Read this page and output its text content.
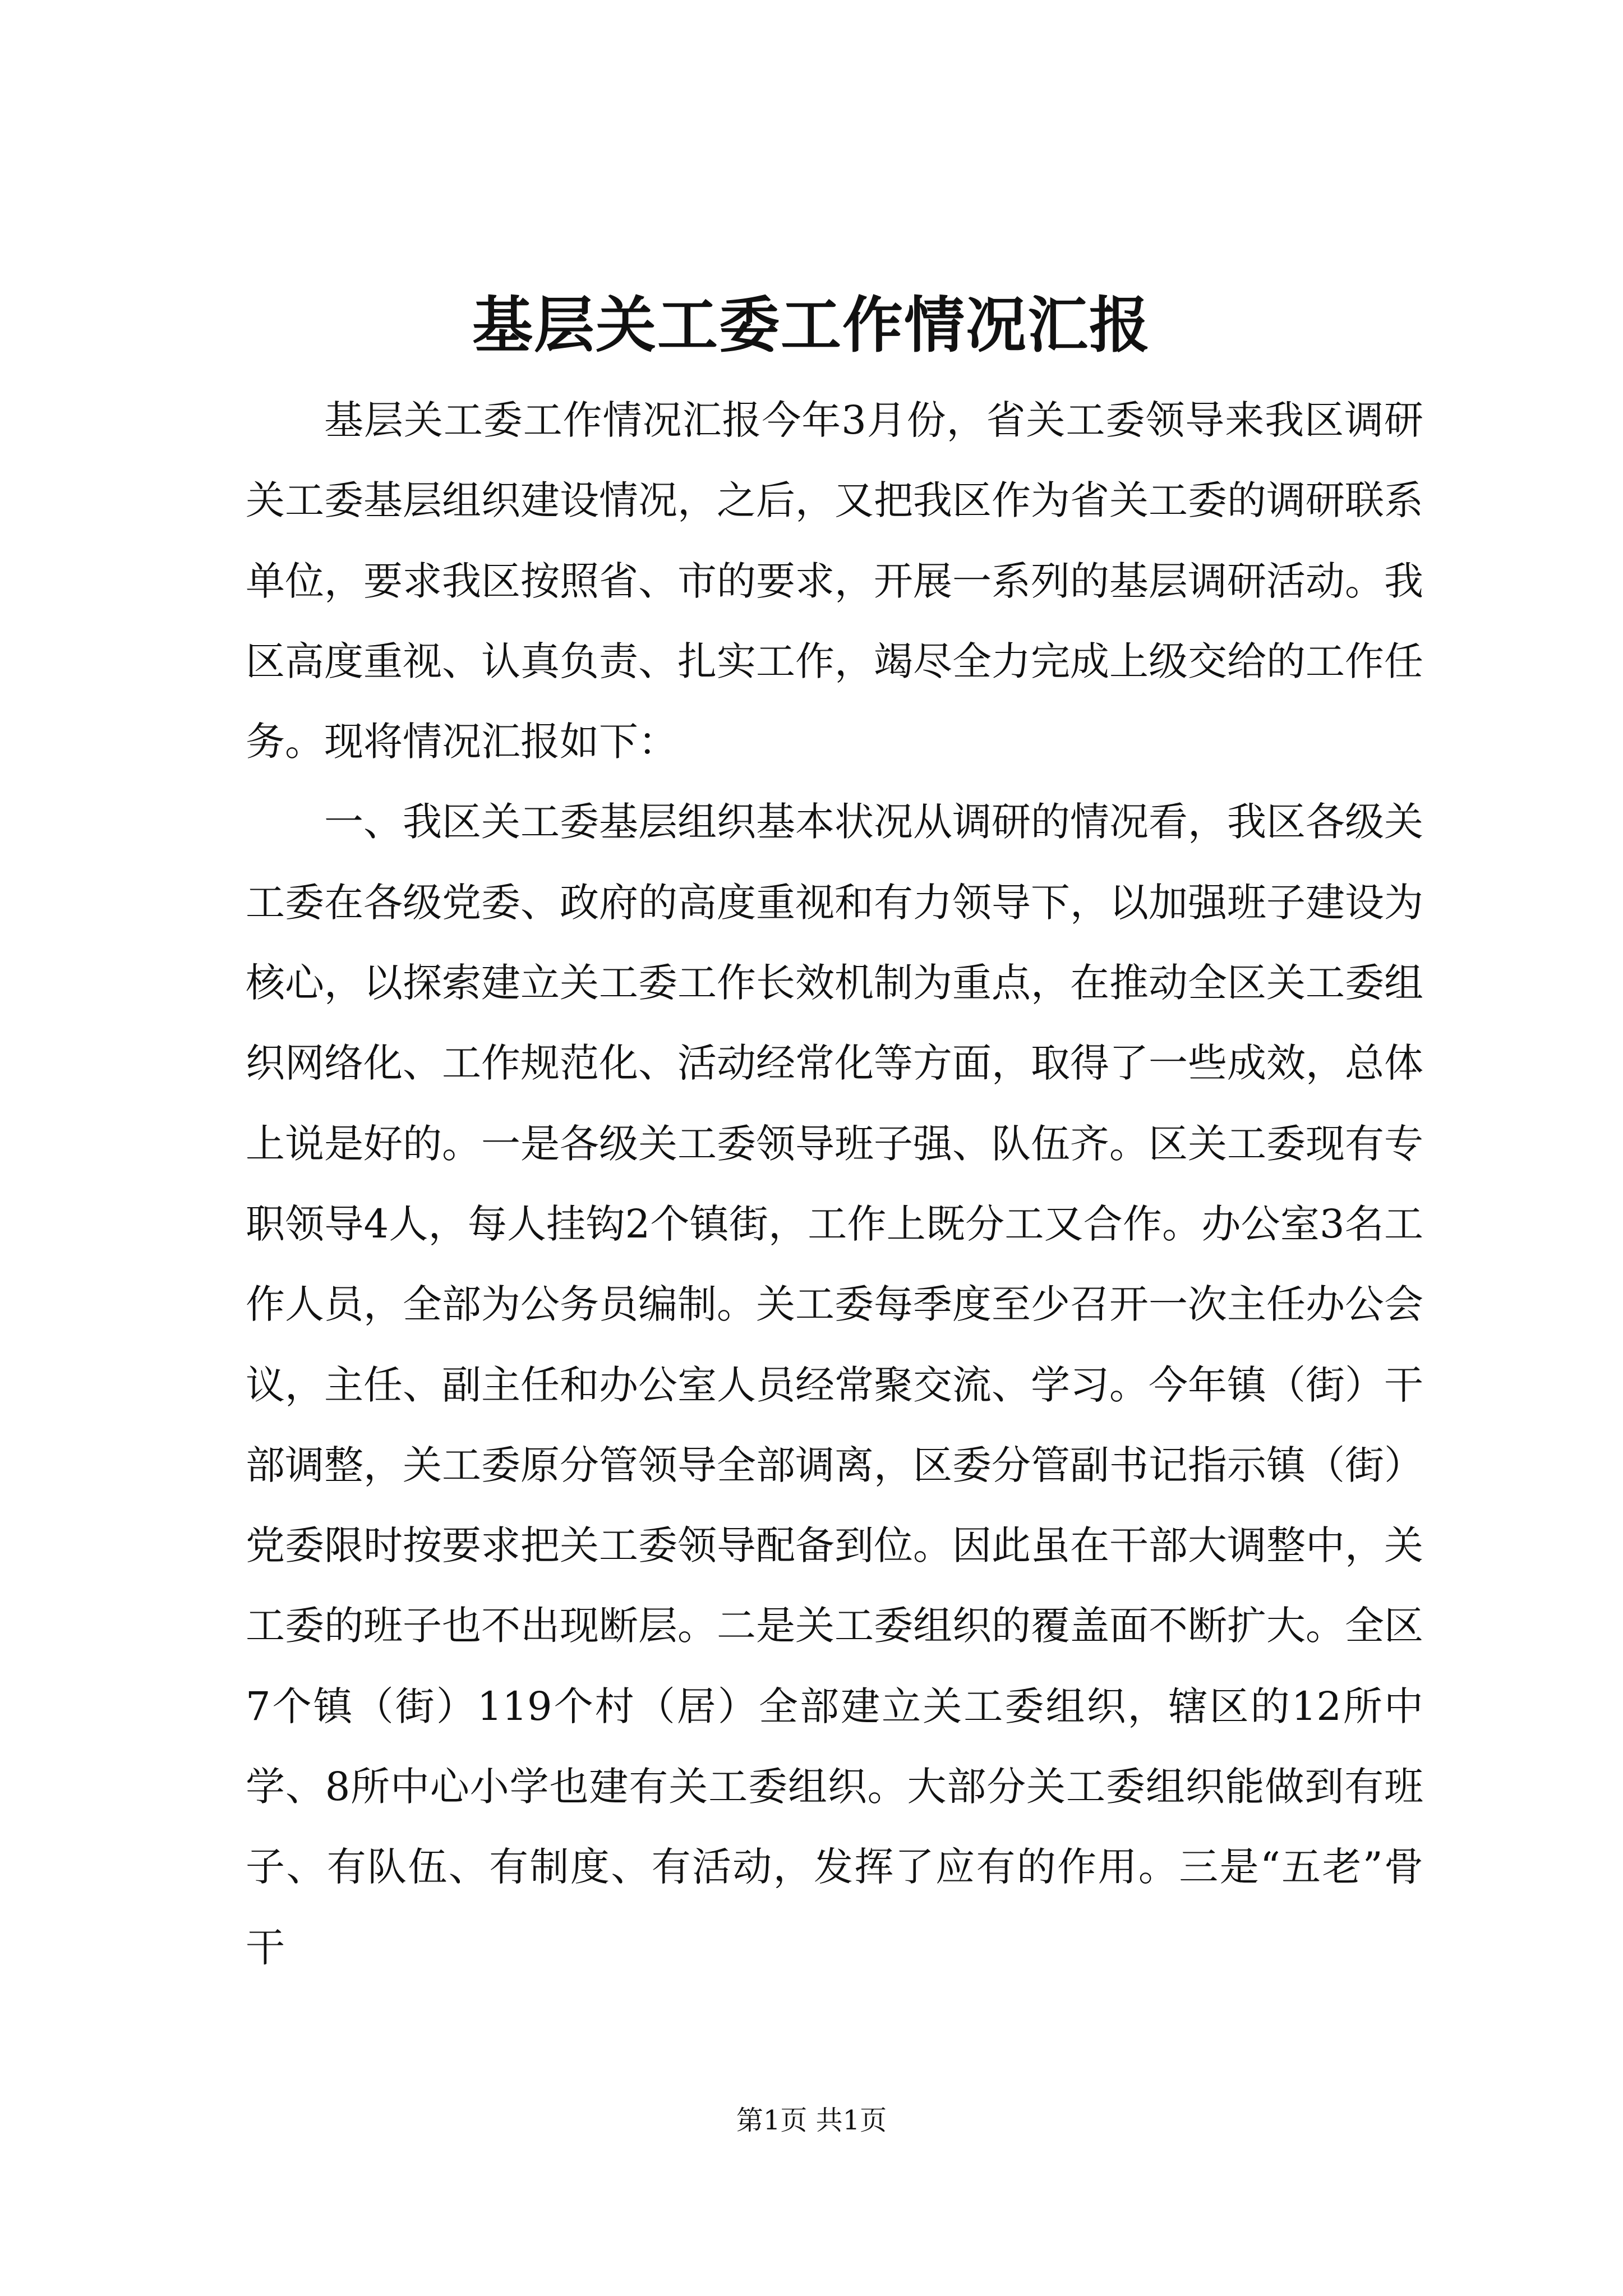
基层关工委工作情况汇报

基层关工委工作情况汇报今年3月份，省关工委领导来我区调研关工委基层组织建设情况，之后，又把我区作为省关工委的调研联系单位，要求我区按照省、市的要求，开展一系列的基层调研活动。我区高度重视、认真负责、扎实工作，竭尽全力完成上级交给的工作任务。现将情况汇报如下：

一、我区关工委基层组织基本状况从调研的情况看，我区各级关工委在各级党委、政府的高度重视和有力领导下，以加强班子建设为核心，以探索建立关工委工作长效机制为重点，在推动全区关工委组织网络化、工作规范化、活动经常化等方面，取得了一些成效，总体上说是好的。一是各级关工委领导班子强、队伍齐。区关工委现有专职领导4人，每人挂钩2个镇街，工作上既分工又合作。办公室3名工作人员，全部为公务员编制。关工委每季度至少召开一次主任办公会议，主任、副主任和办公室人员经常聚交流、学习。今年镇（街）干部调整，关工委原分管领导全部调离，区委分管副书记指示镇（街）党委限时按要求把关工委领导配备到位。因此虽在干部大调整中，关工委的班子也不出现断层。二是关工委组织的覆盖面不断扩大。全区7个镇（街）119个村（居）全部建立关工委组织，辖区的12所中学、8所中心小学也建有关工委组织。大部分关工委组织能做到有班子、有队伍、有制度、有活动，发挥了应有的作用。三是“五老”骨干

第1页 共1页
